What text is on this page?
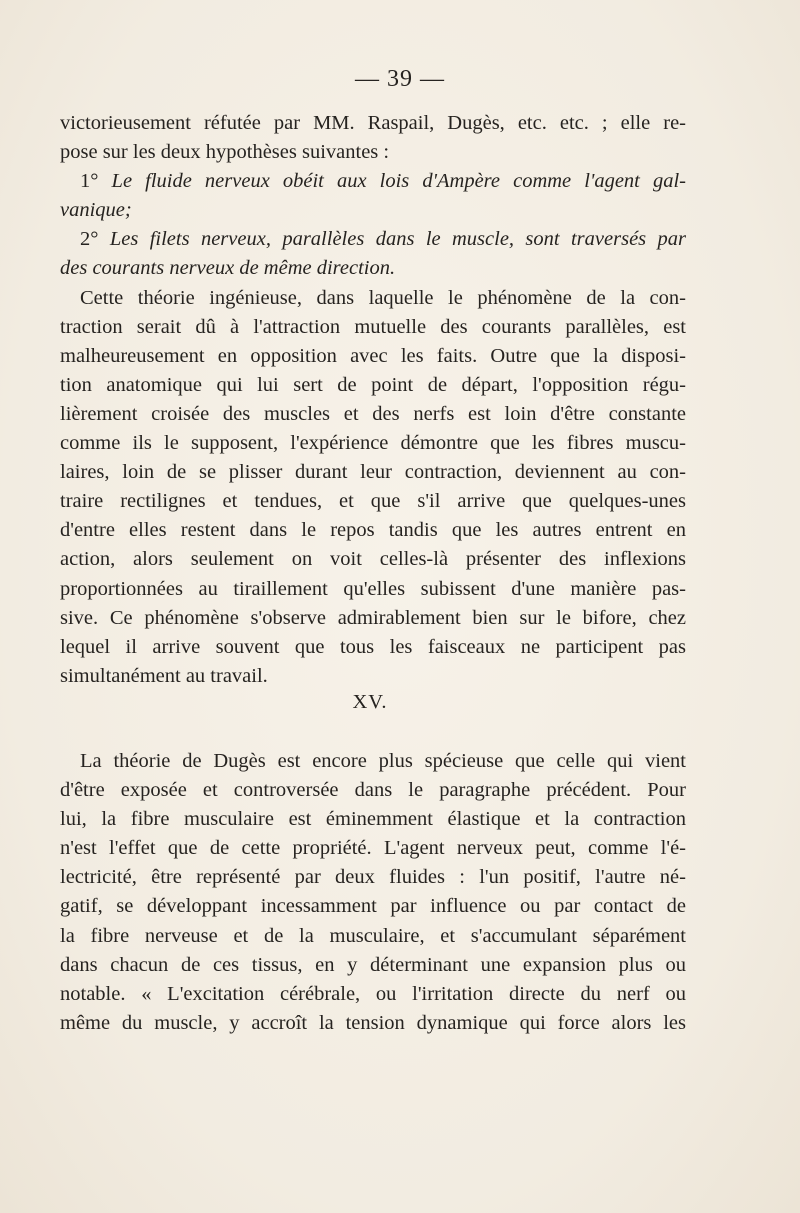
— 39 —
victorieusement réfutée par MM. Raspail, Dugès, etc. etc. ; elle re-
pose sur les deux hypothèses suivantes :
1° Le fluide nerveux obéit aux lois d'Ampère comme l'agent gal-
vanique;
2° Les filets nerveux, parallèles dans le muscle, sont traversés par
des courants nerveux de même direction.
Cette théorie ingénieuse, dans laquelle le phénomène de la con-
traction serait dû à l'attraction mutuelle des courants parallèles, est
malheureusement en opposition avec les faits. Outre que la disposi-
tion anatomique qui lui sert de point de départ, l'opposition régu-
lièrement croisée des muscles et des nerfs est loin d'être constante
comme ils le supposent, l'expérience démontre que les fibres muscu-
laires, loin de se plisser durant leur contraction, deviennent au con-
traire rectilignes et tendues, et que s'il arrive que quelques-unes
d'entre elles restent dans le repos tandis que les autres entrent en
action, alors seulement on voit celles-là présenter des inflexions
proportionnées au tiraillement qu'elles subissent d'une manière pas-
sive. Ce phénomène s'observe admirablement bien sur le bifore, chez
lequel il arrive souvent que tous les faisceaux ne participent pas
simultanément au travail.
XV.
La théorie de Dugès est encore plus spécieuse que celle qui vient
d'être exposée et controversée dans le paragraphe précédent. Pour
lui, la fibre musculaire est éminemment élastique et la contraction
n'est l'effet que de cette propriété. L'agent nerveux peut, comme l'é-
lectricité, être représenté par deux fluides : l'un positif, l'autre né-
gatif, se développant incessamment par influence ou par contact de
la fibre nerveuse et de la musculaire, et s'accumulant séparément
dans chacun de ces tissus, en y déterminant une expansion plus ou
notable. « L'excitation cérébrale, ou l'irritation directe du nerf ou
même du muscle, y accroît la tension dynamique qui force alors les
